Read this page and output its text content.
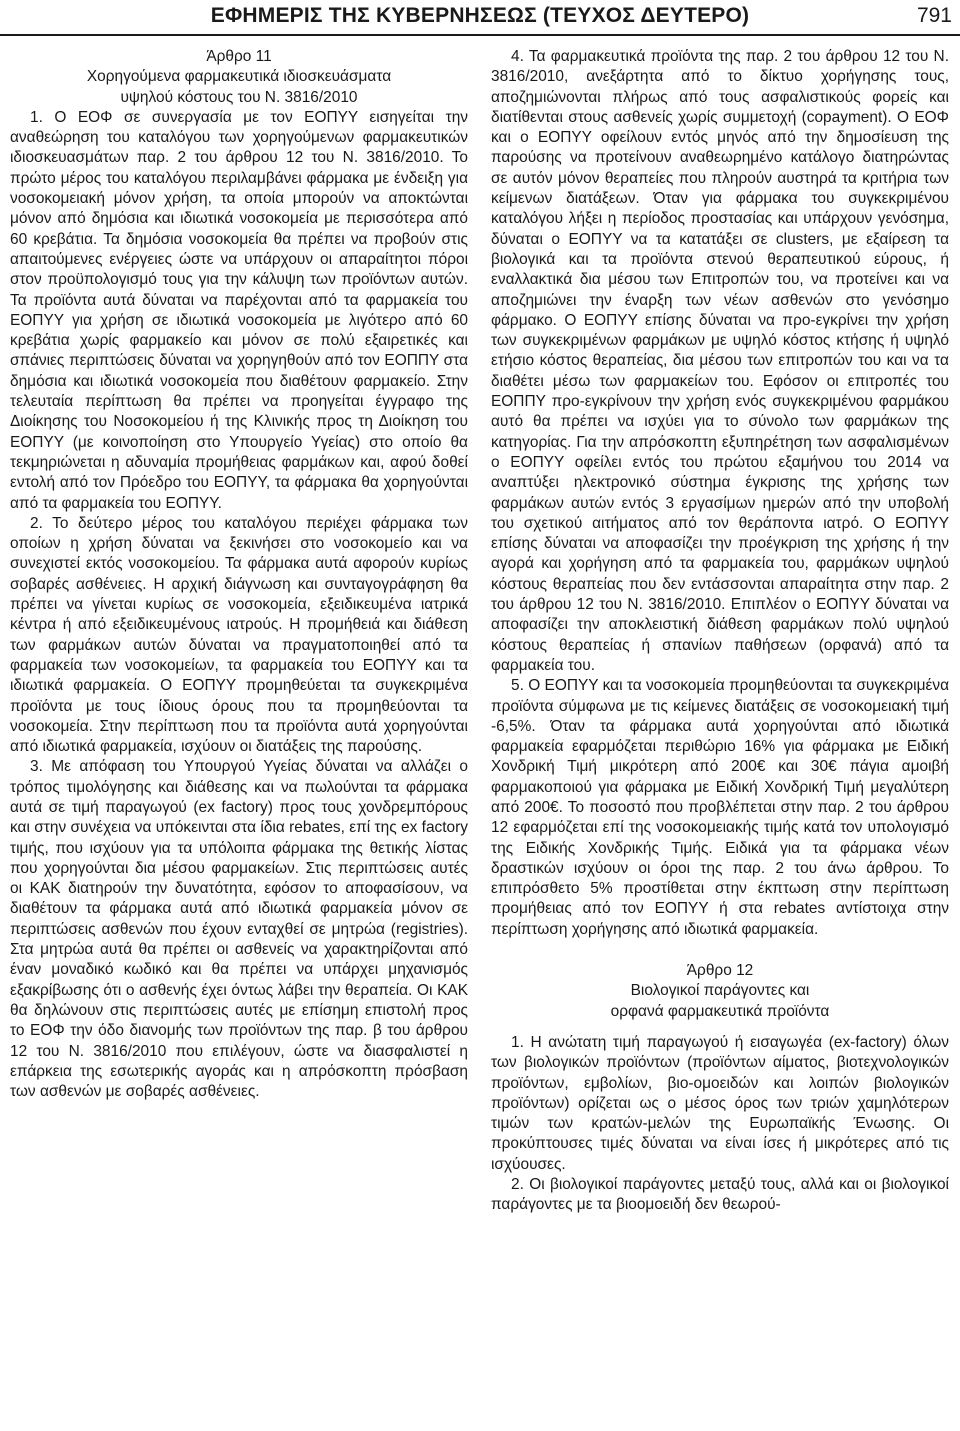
ΕΦΗΜΕΡΙΣ ΤΗΣ ΚΥΒΕΡΝΗΣΕΩΣ (ΤΕΥΧΟΣ ΔΕΥΤΕΡΟ)	791
Άρθρο 11
Χορηγούμενα φαρμακευτικά ιδιοσκευάσματα
υψηλού κόστους του Ν. 3816/2010

1. Ο ΕΟΦ σε συνεργασία με τον ΕΟΠΥΥ εισηγείται την αναθεώρηση του καταλόγου των χορηγούμενων φαρμακευτικών ιδιοσκευασμάτων παρ. 2 του άρθρου 12 του Ν. 3816/2010. Το πρώτο μέρος του καταλόγου περιλαμβάνει φάρμακα με ένδειξη για νοσοκομειακή μόνον χρήση, τα οποία μπορούν να αποκτώνται μόνον από δημόσια και ιδιωτικά νοσοκομεία με περισσότερα από 60 κρεβάτια. Τα δημόσια νοσοκομεία θα πρέπει να προβούν στις απαιτούμενες ενέργειες ώστε να υπάρχουν οι απαραίτητοι πόροι στον προϋπολογισμό τους για την κάλυψη των προϊόντων αυτών. Τα προϊόντα αυτά δύναται να παρέχονται από τα φαρμακεία του ΕΟΠΥΥ για χρήση σε ιδιωτικά νοσοκομεία με λιγότερο από 60 κρεβάτια χωρίς φαρμακείο και μόνον σε πολύ εξαιρετικές και σπάνιες περιπτώσεις δύναται να χορηγηθούν από τον ΕΟΠΠΥ στα δημόσια και ιδιωτικά νοσοκομεία που διαθέτουν φαρμακείο. Στην τελευταία περίπτωση θα πρέπει να προηγείται έγγραφο της Διοίκησης του Νοσοκομείου ή της Κλινικής προς τη Διοίκηση του ΕΟΠΥΥ (με κοινοποίηση στο Υπουργείο Υγείας) στο οποίο θα τεκμηριώνεται η αδυναμία προμήθειας φαρμάκων και, αφού δοθεί εντολή από τον Πρόεδρο του ΕΟΠΥΥ, τα φάρμακα θα χορηγούνται από τα φαρμακεία του ΕΟΠΥΥ.

2. Το δεύτερο μέρος του καταλόγου περιέχει φάρμακα των οποίων η χρήση δύναται να ξεκινήσει στο νοσοκομείο και να συνεχιστεί εκτός νοσοκομείου. Τα φάρμακα αυτά αφορούν κυρίως σοβαρές ασθένειες. Η αρχική διάγνωση και συνταγογράφηση θα πρέπει να γίνεται κυρίως σε νοσοκομεία, εξειδικευμένα ιατρικά κέντρα ή από εξειδικευμένους ιατρούς. Η προμήθειά και διάθεση των φαρμάκων αυτών δύναται να πραγματοποιηθεί από τα φαρμακεία των νοσοκομείων, τα φαρμακεία του ΕΟΠΥΥ και τα ιδιωτικά φαρμακεία. Ο ΕΟΠΥΥ προμηθεύεται τα συγκεκριμένα προϊόντα με τους ίδιους όρους που τα προμηθεύονται τα νοσοκομεία. Στην περίπτωση που τα προϊόντα αυτά χορηγούνται από ιδιωτικά φαρμακεία, ισχύουν οι διατάξεις της παρούσης.

3. Με απόφαση του Υπουργού Υγείας δύναται να αλλάζει ο τρόπος τιμολόγησης και διάθεσης και να πωλούνται τα φάρμακα αυτά σε τιμή παραγωγού (ex factory) προς τους χονδρεμπόρους και στην συνέχεια να υπόκεινται στα ίδια rebates, επί της ex factory τιμής, που ισχύουν για τα υπόλοιπα φάρμακα της θετικής λίστας που χορηγούνται δια μέσου φαρμακείων. Στις περιπτώσεις αυτές οι ΚΑΚ διατηρούν την δυνατότητα, εφόσον το αποφασίσουν, να διαθέτουν τα φάρμακα αυτά από ιδιωτικά φαρμακεία μόνον σε περιπτώσεις ασθενών που έχουν ενταχθεί σε μητρώα (registries). Στα μητρώα αυτά θα πρέπει οι ασθενείς να χαρακτηρίζονται από έναν μοναδικό κωδικό και θα πρέπει να υπάρχει μηχανισμός εξακρίβωσης ότι ο ασθενής έχει όντως λάβει την θεραπεία. Οι ΚΑΚ θα δηλώνουν στις περιπτώσεις αυτές με επίσημη επιστολή προς το ΕΟΦ την όδο διανομής των προϊόντων της παρ. β του άρθρου 12 του Ν. 3816/2010 που επιλέγουν, ώστε να διασφαλιστεί η επάρκεια της εσωτερικής αγοράς και η απρόσκοπτη πρόσβαση των ασθενών με σοβαρές ασθένειες.

4. Τα φαρμακευτικά προϊόντα της παρ. 2 του άρθρου 12 του Ν. 3816/2010, ανεξάρτητα από το δίκτυο χορήγησης τους, αποζημιώνονται πλήρως από τους ασφαλιστικούς φορείς και διατίθενται στους ασθενείς χωρίς συμμετοχή (copayment). Ο ΕΟΦ και ο ΕΟΠΥΥ οφείλουν εντός μηνός από την δημοσίευση της παρούσης να προτείνουν αναθεωρημένο κατάλογο διατηρώντας σε αυτόν μόνον θεραπείες που πληρούν αυστηρά τα κριτήρια των κείμενων διατάξεων. Όταν για φάρμακα του συγκεκριμένου καταλόγου λήξει η περίοδος προστασίας και υπάρχουν γενόσημα, δύναται ο ΕΟΠΥΥ να τα κατατάξει σε clusters, με εξαίρεση τα βιολογικά και τα προϊόντα στενού θεραπευτικού εύρους, ή εναλλακτικά δια μέσου των Επιτροπών του, να προτείνει και να αποζημιώνει την έναρξη των νέων ασθενών στο γενόσημο φάρμακο. Ο ΕΟΠΥΥ επίσης δύναται να προ-εγκρίνει την χρήση των συγκεκριμένων φαρμάκων με υψηλό κόστος κτήσης ή υψηλό ετήσιο κόστος θεραπείας, δια μέσου των επιτροπών του και να τα διαθέτει μέσω των φαρμακείων του. Εφόσον οι επιτροπές του ΕΟΠΠΥ προ-εγκρίνουν την χρήση ενός συγκεκριμένου φαρμάκου αυτό θα πρέπει να ισχύει για το σύνολο των φαρμάκων της κατηγορίας. Για την απρόσκοπτη εξυπηρέτηση των ασφαλισμένων ο ΕΟΠΥΥ οφείλει εντός του πρώτου εξαμήνου του 2014 να αναπτύξει ηλεκτρονικό σύστημα έγκρισης της χρήσης των φαρμάκων αυτών εντός 3 εργασίμων ημερών από την υποβολή του σχετικού αιτήματος από τον θεράποντα ιατρό. Ο ΕΟΠΥΥ επίσης δύναται να αποφασίζει την προέγκριση της χρήσης ή την αγορά και χορήγηση από τα φαρμακεία του, φαρμάκων υψηλού κόστους θεραπείας που δεν εντάσσονται απαραίτητα στην παρ. 2 του άρθρου 12 του Ν. 3816/2010. Επιπλέον ο ΕΟΠΥΥ δύναται να αποφασίζει την αποκλειστική διάθεση φαρμάκων πολύ υψηλού κόστους θεραπείας ή σπανίων παθήσεων (ορφανά) από τα φαρμακεία του.

5. Ο ΕΟΠΥΥ και τα νοσοκομεία προμηθεύονται τα συγκεκριμένα προϊόντα σύμφωνα με τις κείμενες διατάξεις σε νοσοκομειακή τιμή -6,5%. Όταν τα φάρμακα αυτά χορηγούνται από ιδιωτικά φαρμακεία εφαρμόζεται περιθώριο 16% για φάρμακα με Ειδική Χονδρική Τιμή μικρότερη από 200€ και 30€ πάγια αμοιβή φαρμακοποιού για φάρμακα με Ειδική Χονδρική Τιμή μεγαλύτερη από 200€. Το ποσοστό που προβλέπεται στην παρ. 2 του άρθρου 12 εφαρμόζεται επί της νοσοκομειακής τιμής κατά τον υπολογισμό της Ειδικής Χονδρικής Τιμής. Ειδικά για τα φάρμακα νέων δραστικών ισχύουν οι όροι της παρ. 2 του άνω άρθρου. Το επιπρόσθετο 5% προστίθεται στην έκπτωση στην περίπτωση προμήθειας από τον ΕΟΠΥΥ ή στα rebates αντίστοιχα στην περίπτωση χορήγησης από ιδιωτικά φαρμακεία.

Άρθρο 12
Βιολογικοί παράγοντες και
ορφανά φαρμακευτικά προϊόντα

1. Η ανώτατη τιμή παραγωγού ή εισαγωγέα (ex-factory) όλων των βιολογικών προϊόντων (προϊόντων αίματος, βιοτεχνολογικών προϊόντων, εμβολίων, βιο-ομοειδών και λοιπών βιολογικών προϊόντων) ορίζεται ως ο μέσος όρος των τριών χαμηλότερων τιμών των κρατών-μελών της Ευρωπαϊκής Ένωσης. Οι προκύπτουσες τιμές δύναται να είναι ίσες ή μικρότερες από τις ισχύουσες.

2. Οι βιολογικοί παράγοντες μεταξύ τους, αλλά και οι βιολογικοί παράγοντες με τα βιοομοειδή δεν θεωρού-
